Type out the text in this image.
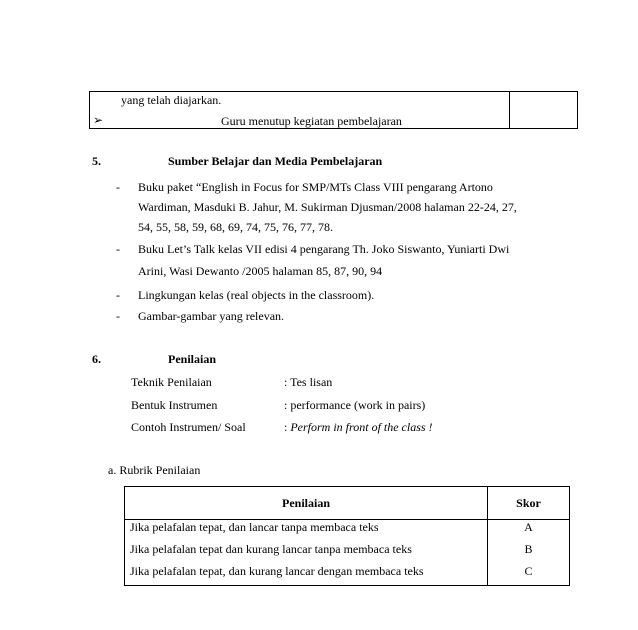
yang telah diajarkan.
➢	Guru menutup kegiatan pembelajaran
5.	Sumber Belajar dan Media Pembelajaran
- Buku paket “English in Focus for SMP/MTs Class VIII pengarang Artono
Wardiman, Masduki B. Jahur, M. Sukirman Djusman/2008 halaman 22-24, 27,
54, 55, 58, 59, 68, 69, 74, 75, 76, 77, 78.
- Buku Let’s Talk kelas VII edisi 4 pengarang Th. Joko Siswanto, Yuniarti Dwi
Arini, Wasi Dewanto /2005 halaman 85, 87, 90, 94
- Lingkungan kelas (real objects in the classroom).
- Gambar-gambar yang relevan.
6.	Penilaian
Teknik Penilaian	: Tes lisan
Bentuk Instrumen	: performance (work in pairs)
Contoh Instrumen/ Soal	: Perform in front of the class !
a. Rubrik Penilaian
Penilaian	Skor
Jika pelafalan tepat, dan lancar tanpa membaca teks	A
Jika pelafalan tepat dan kurang lancar tanpa membaca teks	B
Jika pelafalan tepat, dan kurang lancar dengan membaca teks	C
